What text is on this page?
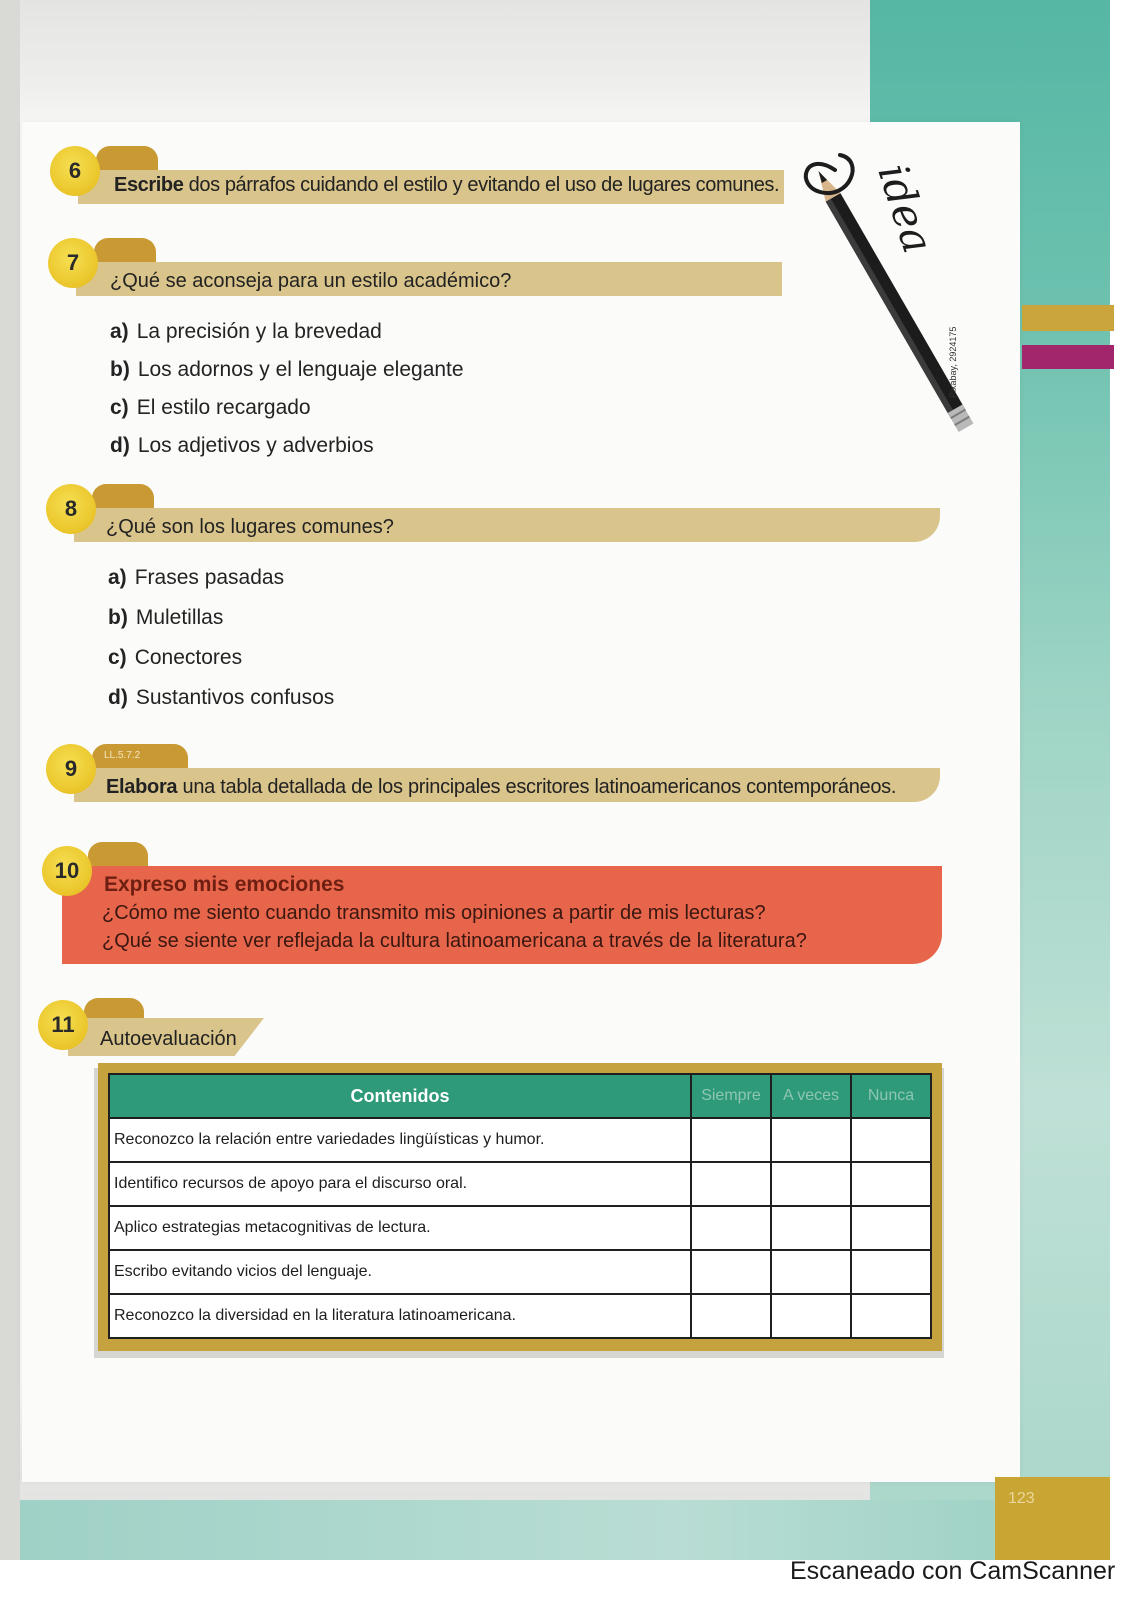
123
6
Escribe dos párrafos cuidando el estilo y evitando el uso de lugares comunes.
7
¿Qué se aconseja para un estilo académico?
a) La precisión y la brevedad
b) Los adornos y el lenguaje elegante
c) El estilo recargado
d) Los adjetivos y adverbios
idea
Pixabay, 2924175
8
¿Qué son los lugares comunes?
a) Frases pasadas
b) Muletillas
c) Conectores
d) Sustantivos confusos
LL.5.7.2
9
Elabora una tabla detallada de los principales escritores latinoamericanos contemporáneos.
10
Expreso mis emociones
¿Cómo me siento cuando transmito mis opiniones a partir de mis lecturas?
¿Qué se siente ver reflejada la cultura latinoamericana a través de la literatura?
11
Autoevaluación
Contenidos	Siempre	A veces	Nunca
Reconozco la relación entre variedades lingüísticas y humor.			
Identifico recursos de apoyo para el discurso oral.			
Aplico estrategias metacognitivas de lectura.			
Escribo evitando vicios del lenguaje.			
Reconozco la diversidad en la literatura latinoamericana.			
Escaneado con CamScanner
